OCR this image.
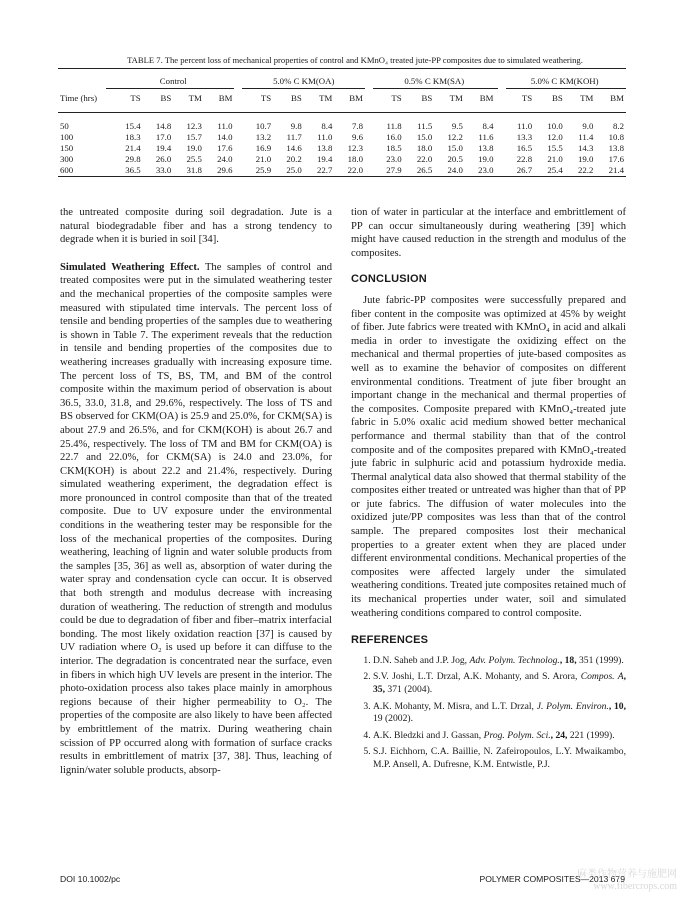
TABLE 7. The percent loss of mechanical properties of control and KMnO₄ treated jute-PP composites due to simulated weathering.
	Control					5.0% C KM(OA)					0.5% C KM(SA)					5.0% C KM(KOH)			
Time (hrs)	TS	BS	TM	BM		TS	BS	TM	BM		TS	BS	TM	BM		TS	BS	TM	BM
50	15.4	14.8	12.3	11.0		10.7	9.8	8.4	7.8		11.8	11.5	9.5	8.4		11.0	10.0	9.0	8.2
100	18.3	17.0	15.7	14.0		13.2	11.7	11.0	9.6		16.0	15.0	12.2	11.6		13.3	12.0	11.4	10.8
150	21.4	19.4	19.0	17.6		16.9	14.6	13.8	12.3		18.5	18.0	15.0	13.8		16.5	15.5	14.3	13.8
300	29.8	26.0	25.5	24.0		21.0	20.2	19.4	18.0		23.0	22.0	20.5	19.0		22.8	21.0	19.0	17.6
600	36.5	33.0	31.8	29.6		25.9	25.0	22.7	22.0		27.9	26.5	24.0	23.0		26.7	25.4	22.2	21.4

the untreated composite during soil degradation. Jute is a natural biodegradable fiber and has a strong tendency to degrade when it is buried in soil [34].

Simulated Weathering Effect. The samples of control and treated composites were put in the simulated weathering tester and the mechanical properties of the composite samples were measured with stipulated time intervals. The percent loss of tensile and bending properties of the samples due to weathering is shown in Table 7. The experiment reveals that the reduction in tensile and bending properties of the composites due to weathering increases gradually with increasing exposure time. The percent loss of TS, BS, TM, and BM of the control composite within the maximum period of observation is about 36.5, 33.0, 31.8, and 29.6%, respectively. The loss of TS and BS observed for CKM(OA) is 25.9 and 25.0%, for CKM(SA) is about 27.9 and 26.5%, and for CKM(KOH) is about 26.7 and 25.4%, respectively. The loss of TM and BM for CKM(OA) is 22.7 and 22.0%, for CKM(SA) is 24.0 and 23.0%, for CKM(KOH) is about 22.2 and 21.4%, respectively. During simulated weathering experiment, the degradation effect is more pronounced in control composite than that of the treated composite. Due to UV exposure under the environmental conditions in the weathering tester may be responsible for the loss of the mechanical properties of the composites. During weathering, leaching of lignin and water soluble products from the samples [35, 36] as well as, absorption of water during the water spray and condensation cycle can occur. It is observed that both strength and modulus decrease with increasing duration of weathering. The reduction of strength and modulus could be due to degradation of fiber and fiber–matrix interfacial bonding. The most likely oxidation reaction [37] is caused by UV radiation where O₂ is used up before it can diffuse to the interior. The degradation is concentrated near the surface, even in fibers in which high UV levels are present in the interior. The photo-oxidation process also takes place mainly in amorphous regions because of their higher permeability to O₂. The properties of the composite are also likely to have been affected by embrittlement of the matrix. During weathering chain scission of PP occurred along with formation of surface cracks results in embrittlement of matrix [37, 38]. Thus, leaching of lignin/water soluble products, absorp-

tion of water in particular at the interface and embrittlement of PP can occur simultaneously during weathering [39] which might have caused reduction in the strength and modulus of the composites.

CONCLUSION

Jute fabric-PP composites were successfully prepared and fiber content in the composite was optimized at 45% by weight of fiber. Jute fabrics were treated with KMnO₄ in acid and alkali media in order to investigate the oxidizing effect on the mechanical and thermal properties of jute-based composites as well as to examine the behavior of composites on different environmental conditions. Treatment of jute fiber brought an important change in the mechanical and thermal properties of the composites. Composite prepared with KMnO₄-treated jute fabric in 5.0% oxalic acid medium showed better mechanical performance and thermal stability than that of the control composite and of the composites prepared with KMnO₄-treated jute fabric in sulphuric acid and potassium hydroxide media. Thermal analytical data also showed that thermal stability of the composites either treated or untreated was higher than that of PP or jute fabrics. The diffusion of water molecules into the oxidized jute/PP composites was less than that of the control sample. The prepared composites lost their mechanical properties to a greater extent when they are placed under different environmental conditions. Mechanical properties of the composites were affected largely under the simulated weathering conditions. Treated jute composites retained much of its mechanical properties under water, soil and simulated weathering conditions compared to control composite.

REFERENCES
1. D.N. Saheb and J.P. Jog, Adv. Polym. Technolog., 18, 351 (1999).
2. S.V. Joshi, L.T. Drzal, A.K. Mohanty, and S. Arora, Compos. A, 35, 371 (2004).
3. A.K. Mohanty, M. Misra, and L.T. Drzal, J. Polym. Environ., 10, 19 (2002).
4. A.K. Bledzki and J. Gassan, Prog. Polym. Sci., 24, 221 (1999).
5. S.J. Eichhorn, C.A. Baillie, N. Zafeiropoulos, L.Y. Mwaikambo, M.P. Ansell, A. Dufresne, K.M. Entwistle, P.J.
DOI 10.1002/pc	POLYMER COMPOSITES—2013 679
麻类作物营养与施肥网
www.fibercrops.com
